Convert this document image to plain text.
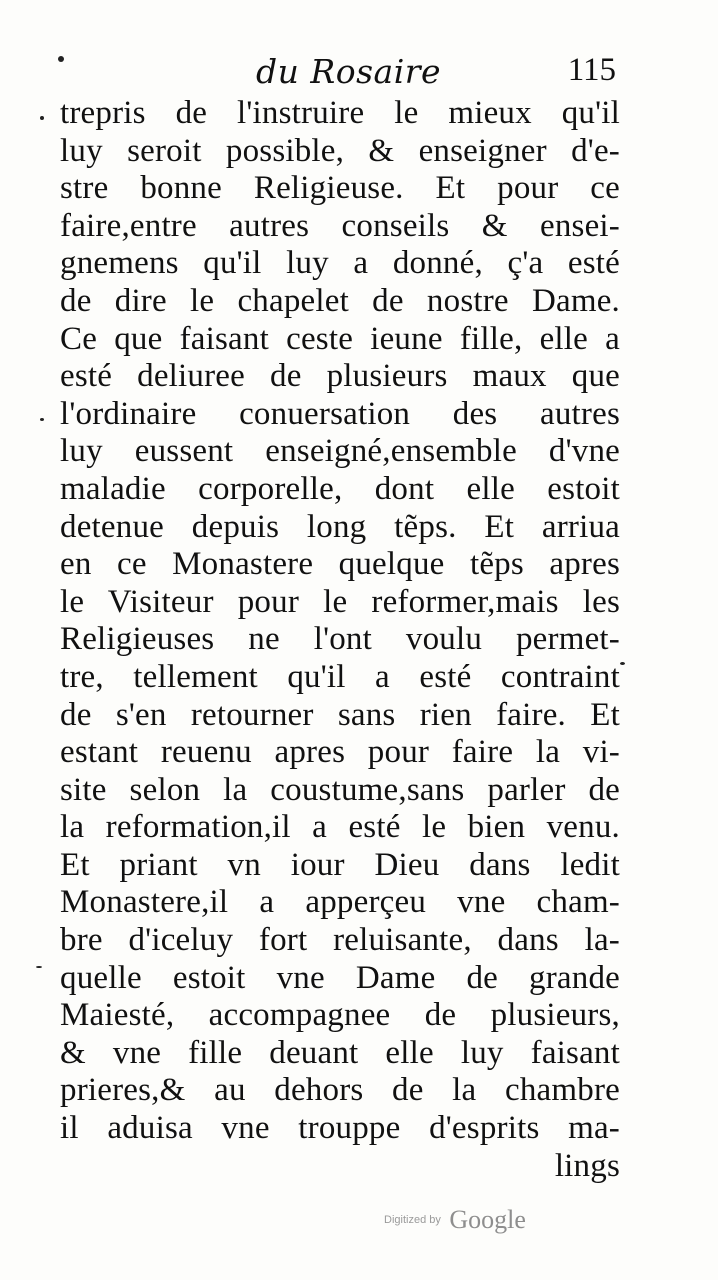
du Rosaire	115
trepris de l'instruire le mieux qu'il
luy seroit possible, & enseigner d'e-
stre bonne Religieuse. Et pour ce
faire,entre autres conseils & ensei-
gnemens qu'il luy a donné, ç'a esté
de dire le chapelet de nostre Dame.
Ce que faisant ceste ieune fille, elle a
esté deliuree de plusieurs maux que
l'ordinaire conuersation des autres
luy eussent enseigné,ensemble d'vne
maladie corporelle, dont elle estoit
detenue depuis long tẽps. Et arriua
en ce Monastere quelque tẽps apres
le Visiteur pour le reformer,mais les
Religieuses ne l'ont voulu permet-
tre, tellement qu'il a esté contraint
de s'en retourner sans rien faire. Et
estant reuenu apres pour faire la vi-
site selon la coustume,sans parler de
la reformation,il a esté le bien venu.
Et priant vn iour Dieu dans ledit
Monastere,il a apperçeu vne cham-
bre d'iceluy fort reluisante, dans la-
quelle estoit vne Dame de grande
Maiesté, accompagnee de plusieurs,
& vne fille deuant elle luy faisant
prieres,& au dehors de la chambre
il aduisa vne trouppe d'esprits ma-
lings
Digitized by Google
